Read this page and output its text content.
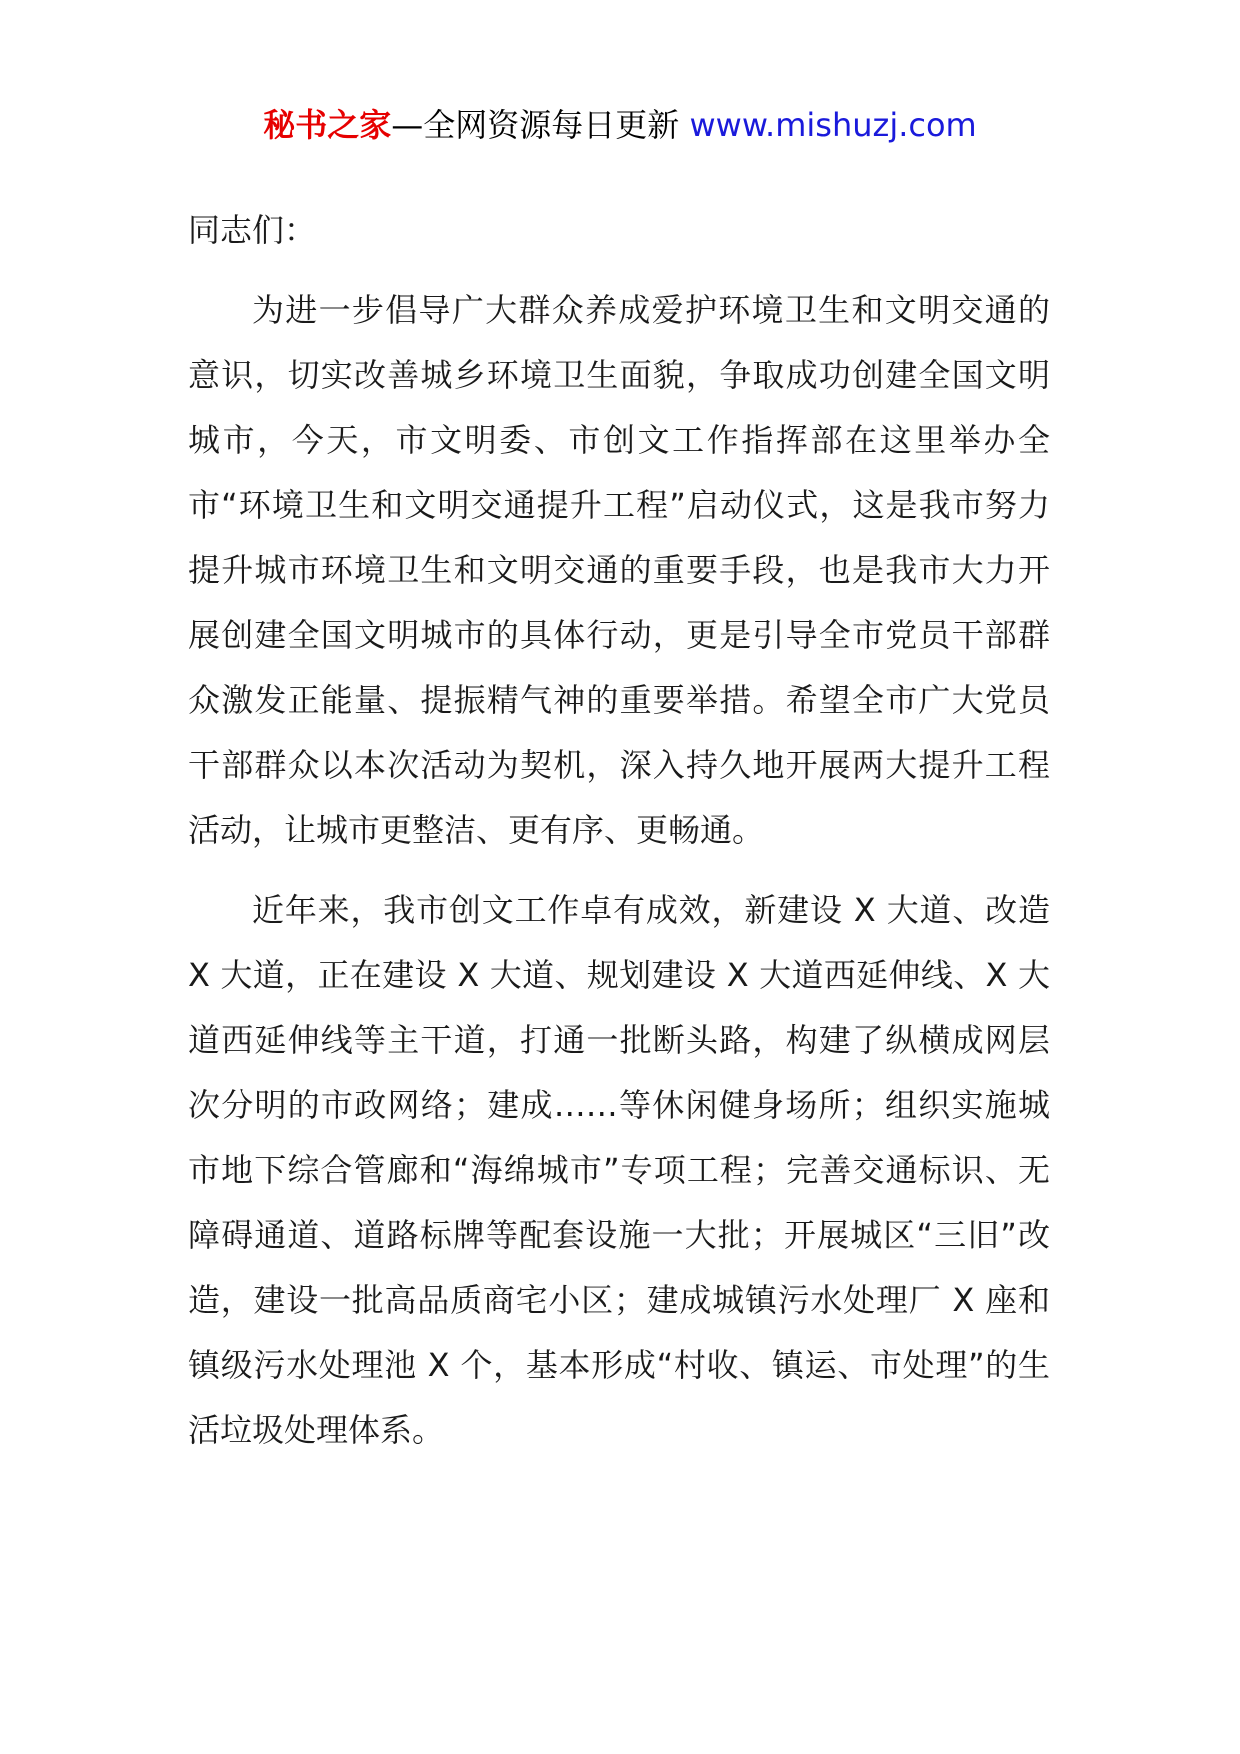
秘书之家—全网资源每日更新 www.mishuzj.com

同志们：

为进一步倡导广大群众养成爱护环境卫生和文明交通的意识，切实改善城乡环境卫生面貌，争取成功创建全国文明城市，今天，市文明委、市创文工作指挥部在这里举办全市“环境卫生和文明交通提升工程”启动仪式，这是我市努力提升城市环境卫生和文明交通的重要手段，也是我市大力开展创建全国文明城市的具体行动，更是引导全市党员干部群众激发正能量、提振精气神的重要举措。希望全市广大党员干部群众以本次活动为契机，深入持久地开展两大提升工程活动，让城市更整洁、更有序、更畅通。

近年来，我市创文工作卓有成效，新建设 X 大道、改造 X 大道，正在建设 X 大道、规划建设 X 大道西延伸线、X 大道西延伸线等主干道，打通一批断头路，构建了纵横成网层次分明的市政网络；建成……等休闲健身场所；组织实施城市地下综合管廊和“海绵城市”专项工程；完善交通标识、无障碍通道、道路标牌等配套设施一大批；开展城区“三旧”改造，建设一批高品质商宅小区；建成城镇污水处理厂 X 座和镇级污水处理池 X 个，基本形成“村收、镇运、市处理”的生活垃圾处理体系。
